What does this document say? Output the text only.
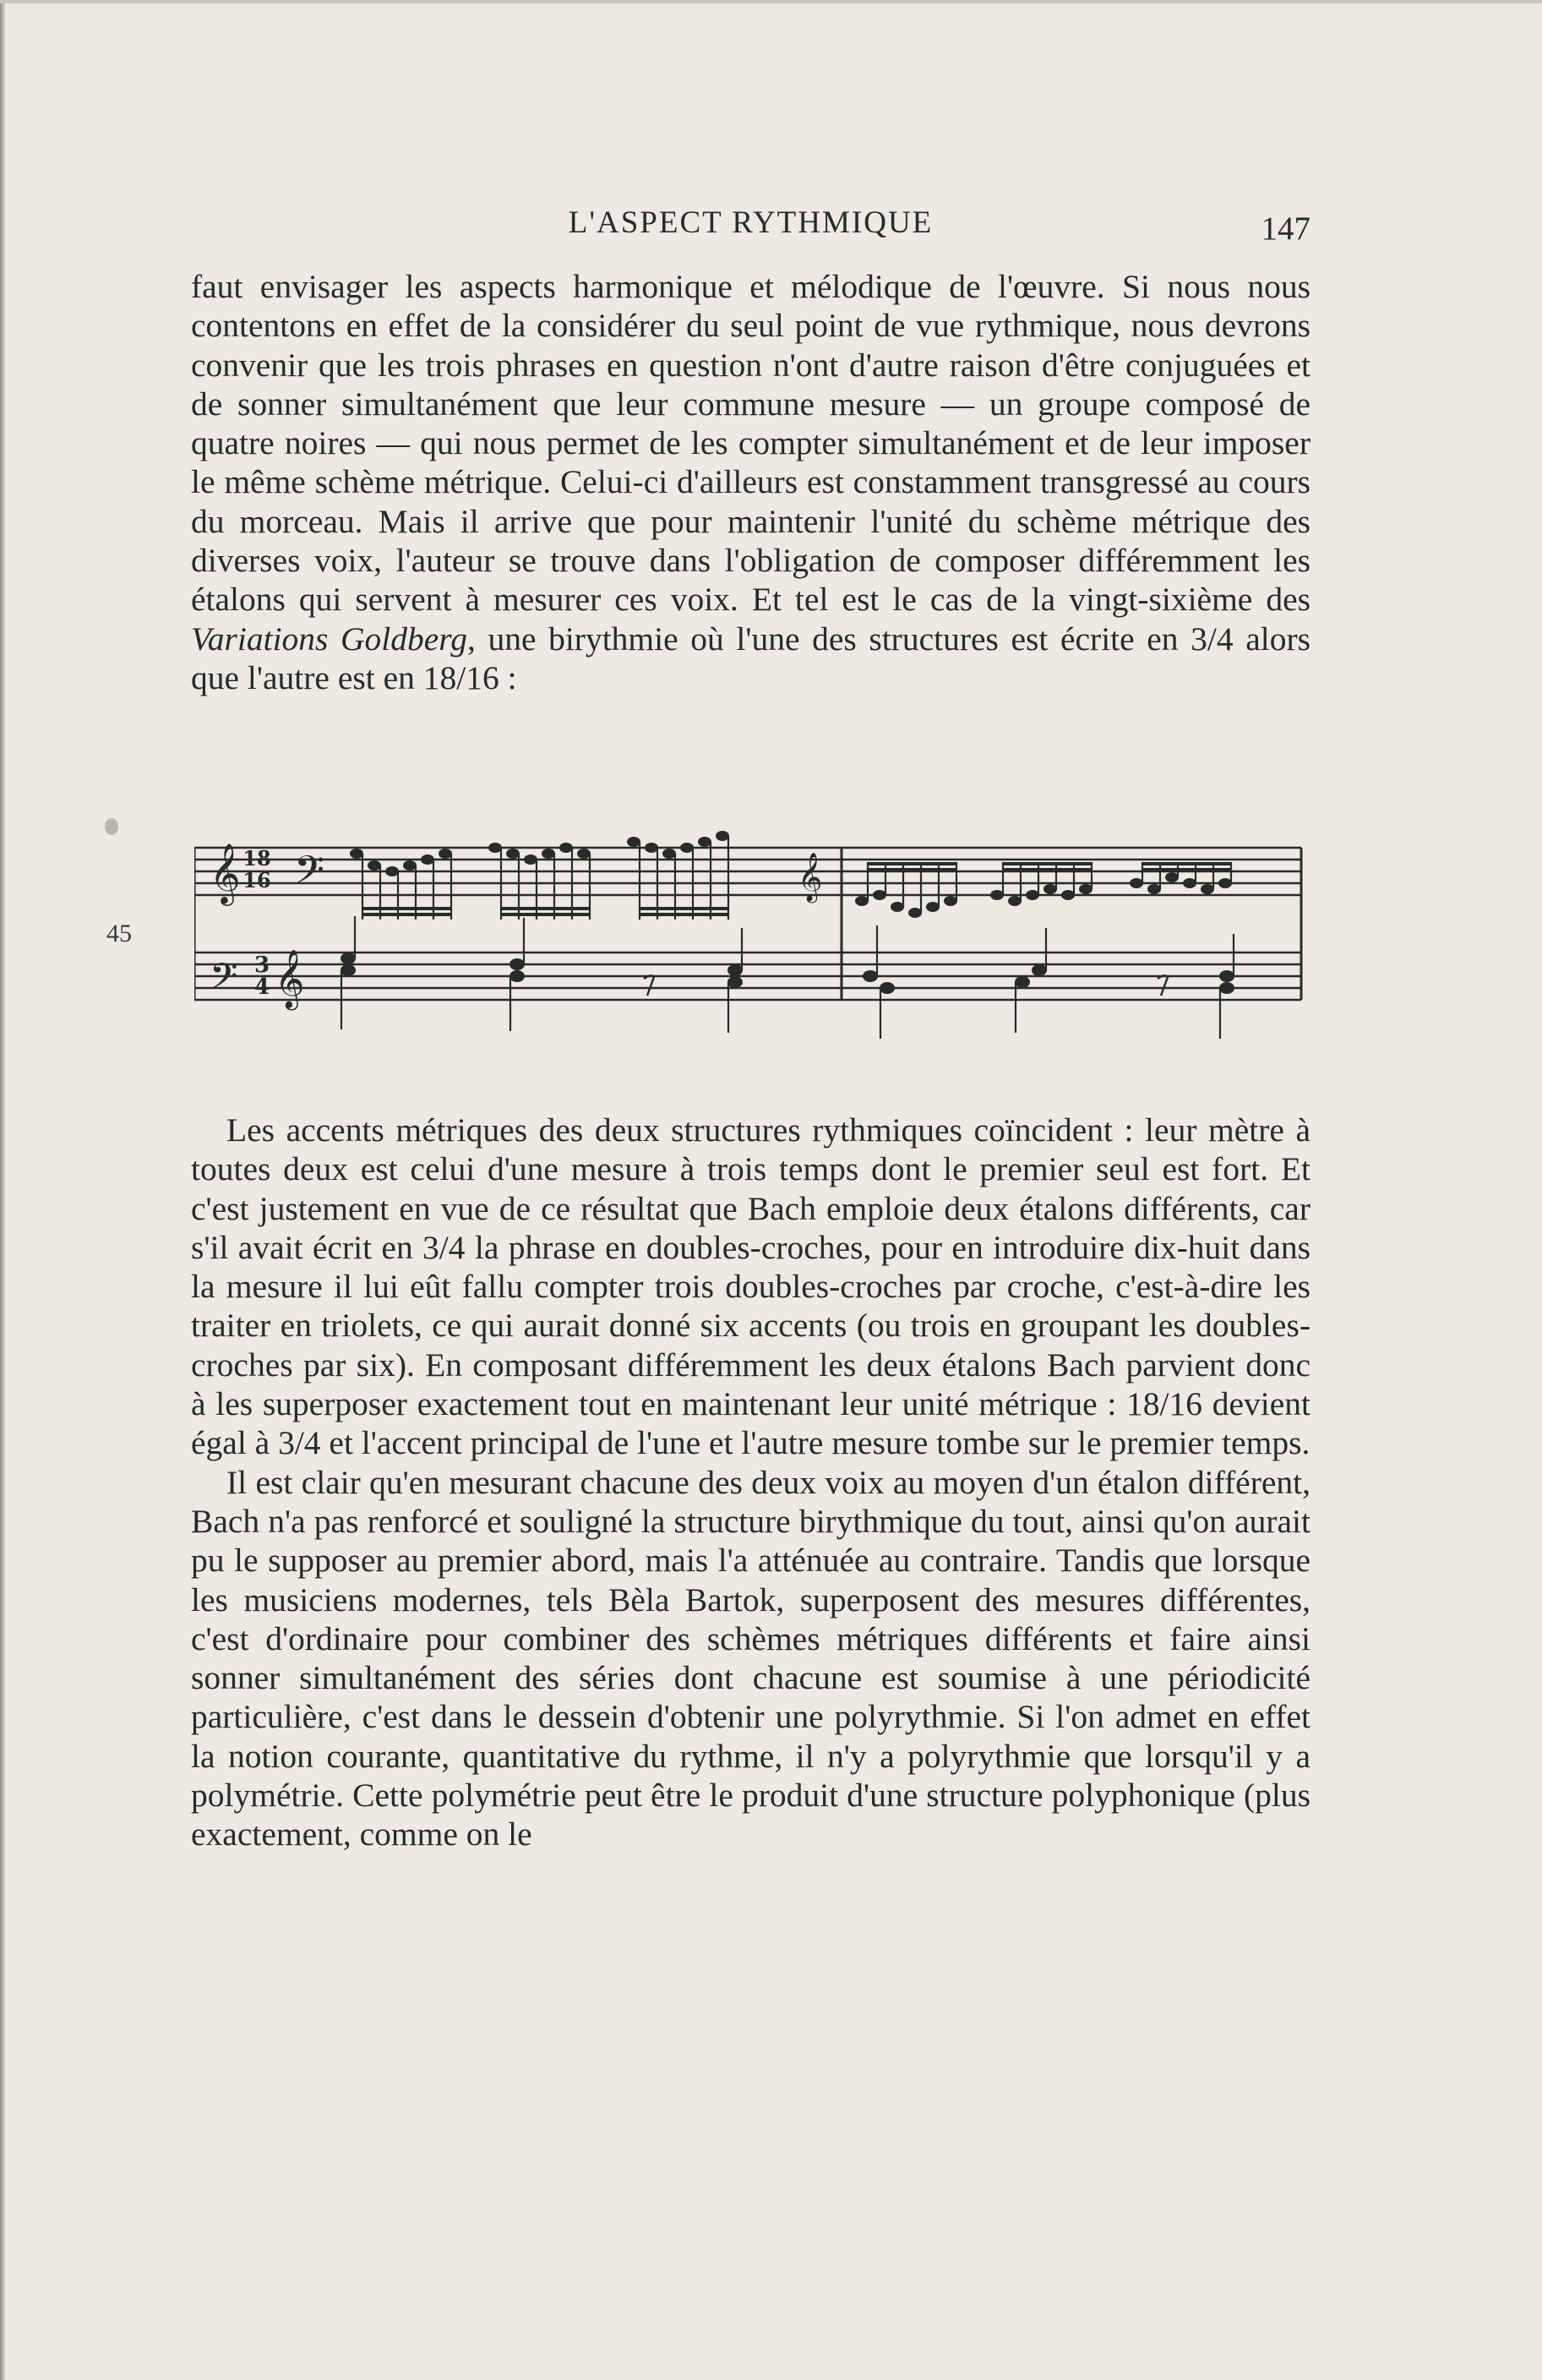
L'ASPECT RYTHMIQUE	147

faut envisager les aspects harmonique et mélodique de l'œuvre. Si nous nous contentons en effet de la considérer du seul point de vue rythmique, nous devrons convenir que les trois phrases en question n'ont d'autre raison d'être conjuguées et de sonner simultanément que leur commune mesure — un groupe composé de quatre noires — qui nous permet de les compter simultanément et de leur imposer le même schème métrique. Celui-ci d'ailleurs est constamment transgressé au cours du morceau. Mais il arrive que pour maintenir l'unité du schème métrique des diverses voix, l'auteur se trouve dans l'obligation de composer différemment les étalons qui servent à mesurer ces voix. Et tel est le cas de la vingt-sixième des Variations Goldberg, une birythmie où l'une des structures est écrite en 3/4 alors que l'autre est en 18/16 :

45
𝄞
𝄢
𝄢
𝄞
𝄞
18
16
3
4

Les accents métriques des deux structures rythmiques coïncident : leur mètre à toutes deux est celui d'une mesure à trois temps dont le premier seul est fort. Et c'est justement en vue de ce résultat que Bach emploie deux étalons différents, car s'il avait écrit en 3/4 la phrase en doubles-croches, pour en introduire dix-huit dans la mesure il lui eût fallu compter trois doubles-croches par croche, c'est-à-dire les traiter en triolets, ce qui aurait donné six accents (ou trois en groupant les doubles-croches par six). En composant différemment les deux étalons Bach parvient donc à les superposer exactement tout en maintenant leur unité métrique : 18/16 devient égal à 3/4 et l'accent principal de l'une et l'autre mesure tombe sur le premier temps.

Il est clair qu'en mesurant chacune des deux voix au moyen d'un étalon différent, Bach n'a pas renforcé et souligné la structure birythmique du tout, ainsi qu'on aurait pu le supposer au premier abord, mais l'a atténuée au contraire. Tandis que lorsque les musiciens modernes, tels Bèla Bartok, superposent des mesures différentes, c'est d'ordinaire pour combiner des schèmes métriques différents et faire ainsi sonner simultanément des séries dont chacune est soumise à une périodicité particulière, c'est dans le dessein d'obtenir une polyrythmie. Si l'on admet en effet la notion courante, quantitative du rythme, il n'y a polyrythmie que lorsqu'il y a polymétrie. Cette polymétrie peut être le produit d'une structure polyphonique (plus exactement, comme on le
